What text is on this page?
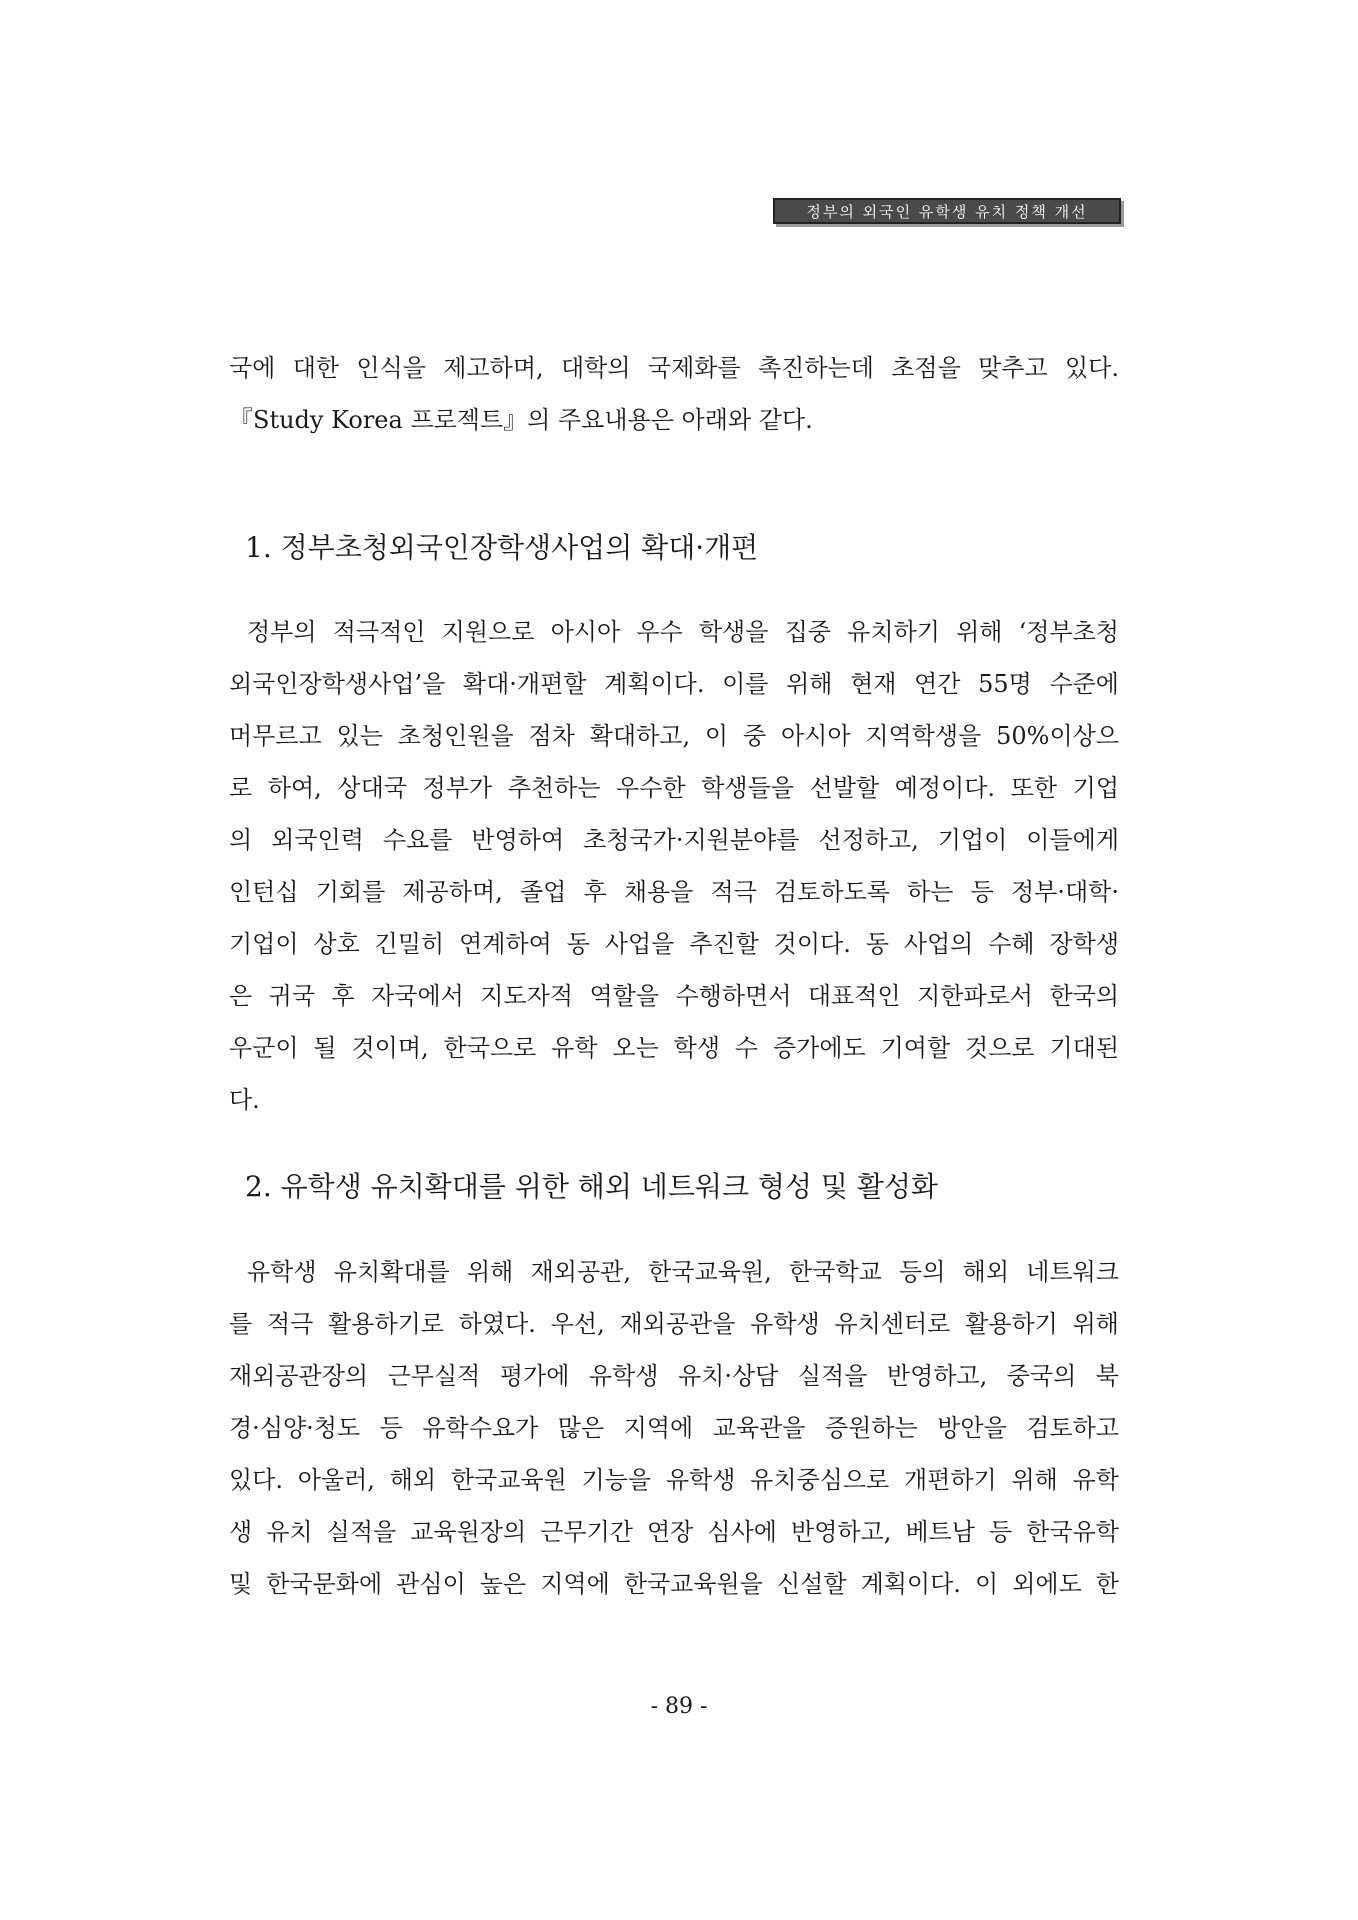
정부의 외국인 유학생 유치 정책 개선
국에 대한 인식을 제고하며, 대학의 국제화를 촉진하는데 초점을 맞추고 있다.
『Study Korea 프로젝트』의 주요내용은 아래와 같다.
1. 정부초청외국인장학생사업의 확대·개편
정부의 적극적인 지원으로 아시아 우수 학생을 집중 유치하기 위해 ‘정부초청
외국인장학생사업’을 확대·개편할 계획이다. 이를 위해 현재 연간 55명 수준에
머무르고 있는 초청인원을 점차 확대하고, 이 중 아시아 지역학생을 50%이상으
로 하여, 상대국 정부가 추천하는 우수한 학생들을 선발할 예정이다. 또한 기업
의 외국인력 수요를 반영하여 초청국가·지원분야를 선정하고, 기업이 이들에게
인턴십 기회를 제공하며, 졸업 후 채용을 적극 검토하도록 하는 등 정부·대학·
기업이 상호 긴밀히 연계하여 동 사업을 추진할 것이다. 동 사업의 수혜 장학생
은 귀국 후 자국에서 지도자적 역할을 수행하면서 대표적인 지한파로서 한국의
우군이 될 것이며, 한국으로 유학 오는 학생 수 증가에도 기여할 것으로 기대된
다.
2. 유학생 유치확대를 위한 해외 네트워크 형성 및 활성화
유학생 유치확대를 위해 재외공관, 한국교육원, 한국학교 등의 해외 네트워크
를 적극 활용하기로 하였다. 우선, 재외공관을 유학생 유치센터로 활용하기 위해
재외공관장의 근무실적 평가에 유학생 유치·상담 실적을 반영하고, 중국의 북
경·심양·청도 등 유학수요가 많은 지역에 교육관을 증원하는 방안을 검토하고
있다. 아울러, 해외 한국교육원 기능을 유학생 유치중심으로 개편하기 위해 유학
생 유치 실적을 교육원장의 근무기간 연장 심사에 반영하고, 베트남 등 한국유학
및 한국문화에 관심이 높은 지역에 한국교육원을 신설할 계획이다. 이 외에도 한
- 89 -
